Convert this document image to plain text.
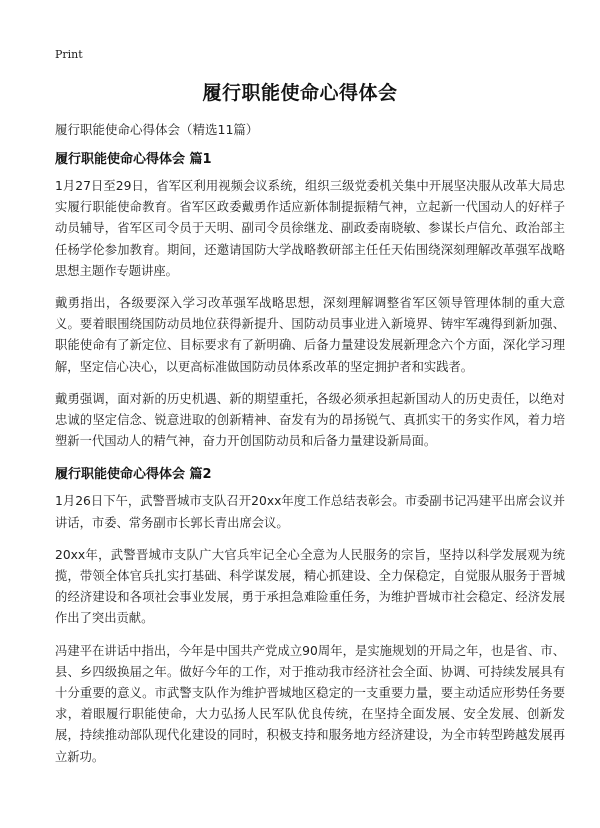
Print
履行职能使命心得体会

履行职能使命心得体会（精选11篇）

履行职能使命心得体会 篇1

1月27日至29日，省军区利用视频会议系统，组织三级党委机关集中开展坚决服从改革大局忠实履行职能使命教育。省军区政委戴勇作适应新体制提振精气神，立起新一代国动人的好样子动员辅导，省军区司令员于天明、副司令员徐继龙、副政委南晓敏、参谋长卢信允、政治部主任杨学伦参加教育。期间，还邀请国防大学战略教研部主任任天佑围绕深刻理解改革强军战略思想主题作专题讲座。

戴勇指出，各级要深入学习改革强军战略思想，深刻理解调整省军区领导管理体制的重大意义。要着眼围绕国防动员地位获得新提升、国防动员事业进入新境界、铸牢军魂得到新加强、职能使命有了新定位、目标要求有了新明确、后备力量建设发展新理念六个方面，深化学习理解，坚定信心决心，以更高标准做国防动员体系改革的坚定拥护者和实践者。

戴勇强调，面对新的历史机遇、新的期望重托，各级必须承担起新国动人的历史责任，以绝对忠诚的坚定信念、锐意进取的创新精神、奋发有为的昂扬锐气、真抓实干的务实作风，着力培塑新一代国动人的精气神，奋力开创国防动员和后备力量建设新局面。

履行职能使命心得体会 篇2

1月26日下午，武警晋城市支队召开20xx年度工作总结表彰会。市委副书记冯建平出席会议并讲话，市委、常务副市长郭长青出席会议。

20xx年，武警晋城市支队广大官兵牢记全心全意为人民服务的宗旨，坚持以科学发展观为统揽，带领全体官兵扎实打基础、科学谋发展，精心抓建设、全力保稳定，自觉服从服务于晋城的经济建设和各项社会事业发展，勇于承担急难险重任务，为维护晋城市社会稳定、经济发展作出了突出贡献。

冯建平在讲话中指出，今年是中国共产党成立90周年，是实施规划的开局之年，也是省、市、县、乡四级换届之年。做好今年的工作，对于推动我市经济社会全面、协调、可持续发展具有十分重要的意义。市武警支队作为维护晋城地区稳定的一支重要力量，要主动适应形势任务要求，着眼履行职能使命，大力弘扬人民军队优良传统，在坚持全面发展、安全发展、创新发展，持续推动部队现代化建设的同时，积极支持和服务地方经济建设，为全市转型跨越发展再立新功。
